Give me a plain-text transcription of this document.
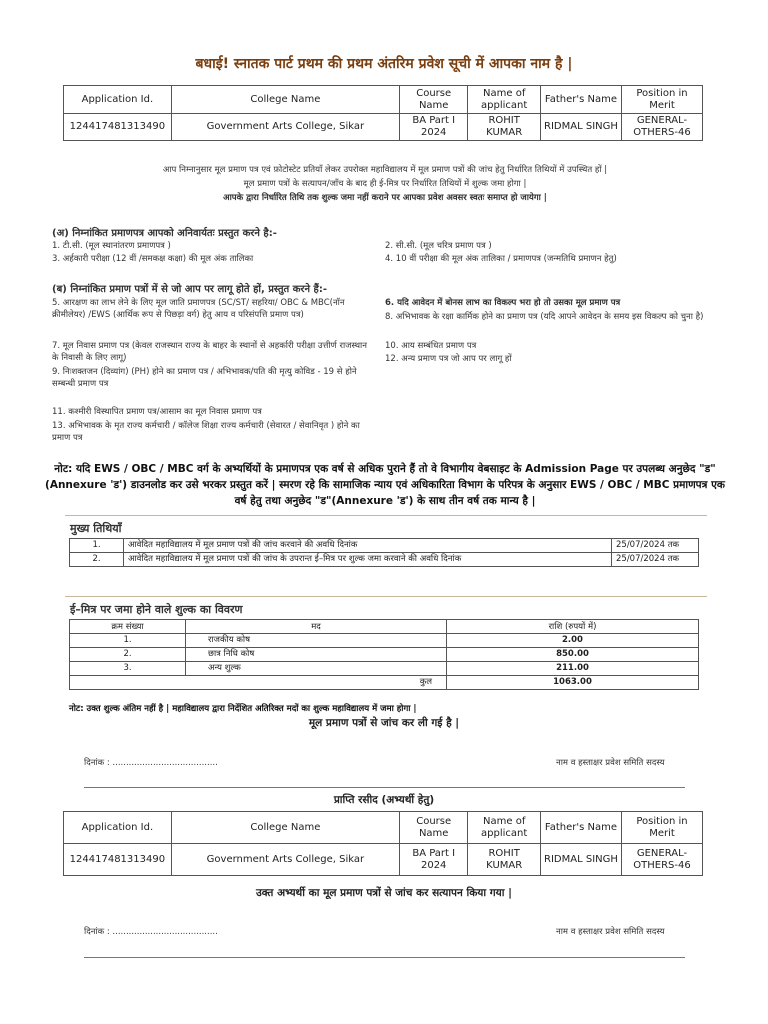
बधाई! स्नातक पार्ट प्रथम की प्रथम अंतरिम प्रवेश सूची में आपका नाम है |
Application Id.	College Name	Course Name	Name of applicant	Father's Name	Position in Merit
124417481313490	Government Arts College, Sikar	BA Part I 2024	ROHIT KUMAR	RIDMAL SINGH	GENERAL-OTHERS-46
आप निम्नानुसार मूल प्रमाण पत्र एवं फ़ोटोस्टेट प्रतियाँ लेकर उपरोक्त महाविद्यालय में मूल प्रमाण पत्रों की जांच हेतु निर्धारित तिथियों में उपस्थित हों |
मूल प्रमाण पत्रों के सत्यापन/जाँच के बाद ही ई-मित्र पर निर्धारित तिथियों में शुल्क जमा होगा |
आपके द्वारा निर्धारित तिथि तक शुल्क जमा नहीं कराने पर आपका प्रवेश अवसर स्वतः समाप्त हो जायेगा |
(अ) निम्नांकित प्रमाणपत्र आपको अनिवार्यतः प्रस्तुत करने है:-
1. टी.सी. (मूल स्थानांतरण प्रमाणपत्र )
3. अर्हकारी परीक्षा (12 वीं /समकक्ष कक्षा) की मूल अंक तालिका
2. सी.सी. (मूल चरित्र प्रमाण पत्र )
4. 10 वीं परीक्षा की मूल अंक तालिका / प्रमाणपत्र (जन्मतिथि प्रमाणन हेतु)
(ब) निम्नांकित प्रमाण पत्रों में से जो आप पर लागू होते हों, प्रस्तुत करने हैं:-
5. आरक्षण का लाभ लेने के लिए मूल जाति प्रमाणपत्र (SC/ST/ सहरिया/ OBC & MBC(नॉन क्रीमीलेयर) /EWS (आर्थिक रूप से पिछड़ा वर्ग) हेतु आय व परिसंपत्ति प्रमाण पत्र)
7. मूल निवास प्रमाण पत्र (केवल राजस्थान राज्य के बाहर के स्थानों से अहर्कारी परीक्षा उत्तीर्ण राजस्थान के निवासी के लिए लागू)
9. निःशक्तजन (दिव्यांग) (PH) होने का प्रमाण पत्र / अभिभावक/पति की मृत्यु कोविड - 19 से होने सम्बन्धी प्रमाण पत्र
11. कश्मीरी विस्थापित प्रमाण पत्र/आसाम का मूल निवास प्रमाण पत्र
13. अभिभावक के मृत राज्य कर्मचारी / कॉलेज शिक्षा राज्य कर्मचारी (सेवारत / सेवानिवृत ) होने का प्रमाण पत्र
6. यदि आवेदन में बोनस लाभ का विकल्प भरा हो तो उसका मूल प्रमाण पत्र
8. अभिभावक के रक्षा कार्मिक होने का प्रमाण पत्र (यदि आपने आवेदन के समय इस विकल्प को चुना है)
10. आय सम्बंधित प्रमाण पत्र
12. अन्य प्रमाण पत्र जो आप पर लागू हों
नोट: यदि EWS / OBC / MBC वर्ग के अभ्यर्थियों के प्रमाणपत्र एक वर्ष से अधिक पुराने हैं तो वे विभागीय वेबसाइट के Admission Page पर उपलब्ध अनुछेद "ड"(Annexure 'ड') डाउनलोड कर उसे भरकर प्रस्तुत करें | स्मरण रहे कि सामाजिक न्याय एवं अधिकारिता विभाग के परिपत्र के अनुसार EWS / OBC / MBC प्रमाणपत्र एक वर्ष हेतु तथा अनुछेद "ड"(Annexure 'ड') के साथ तीन वर्ष तक मान्य है |
मुख्य तिथियाँ
1.	आवेदित महाविद्यालय में मूल प्रमाण पत्रों की जांच करवाने की अवधि दिनांक	25/07/2024 तक
2.	आवेदित महाविद्यालय में मूल प्रमाण पत्रों की जांच के उपरान्त ई–मित्र पर शुल्क जमा करवाने की अवधि दिनांक	25/07/2024 तक
ई–मित्र पर जमा होने वाले शुल्क का विवरण
क्रम संख्या	मद	राशि (रुपयों में)
1.	राजकीय कोष	2.00
2.	छात्र निधि कोष	850.00
3.	अन्य शुल्क	211.00
कुल		1063.00
नोट: उक्त शुल्क अंतिम नहीं है | महाविद्यालय द्वारा निर्देशित अतिरिक्त मदों का शुल्क महाविद्यालय में जमा होगा |
मूल प्रमाण पत्रों से जांच कर ली गई है |
दिनांक : .......................................	नाम व हस्ताक्षर प्रवेश समिति सदस्य
प्राप्ति रसीद (अभ्यर्थी हेतु)
Application Id.	College Name	Course Name	Name of applicant	Father's Name	Position in Merit
124417481313490	Government Arts College, Sikar	BA Part I 2024	ROHIT KUMAR	RIDMAL SINGH	GENERAL-OTHERS-46
उक्त अभ्यर्थी का मूल प्रमाण पत्रों से जांच कर सत्यापन किया गया |
दिनांक : .......................................	नाम व हस्ताक्षर प्रवेश समिति सदस्य
